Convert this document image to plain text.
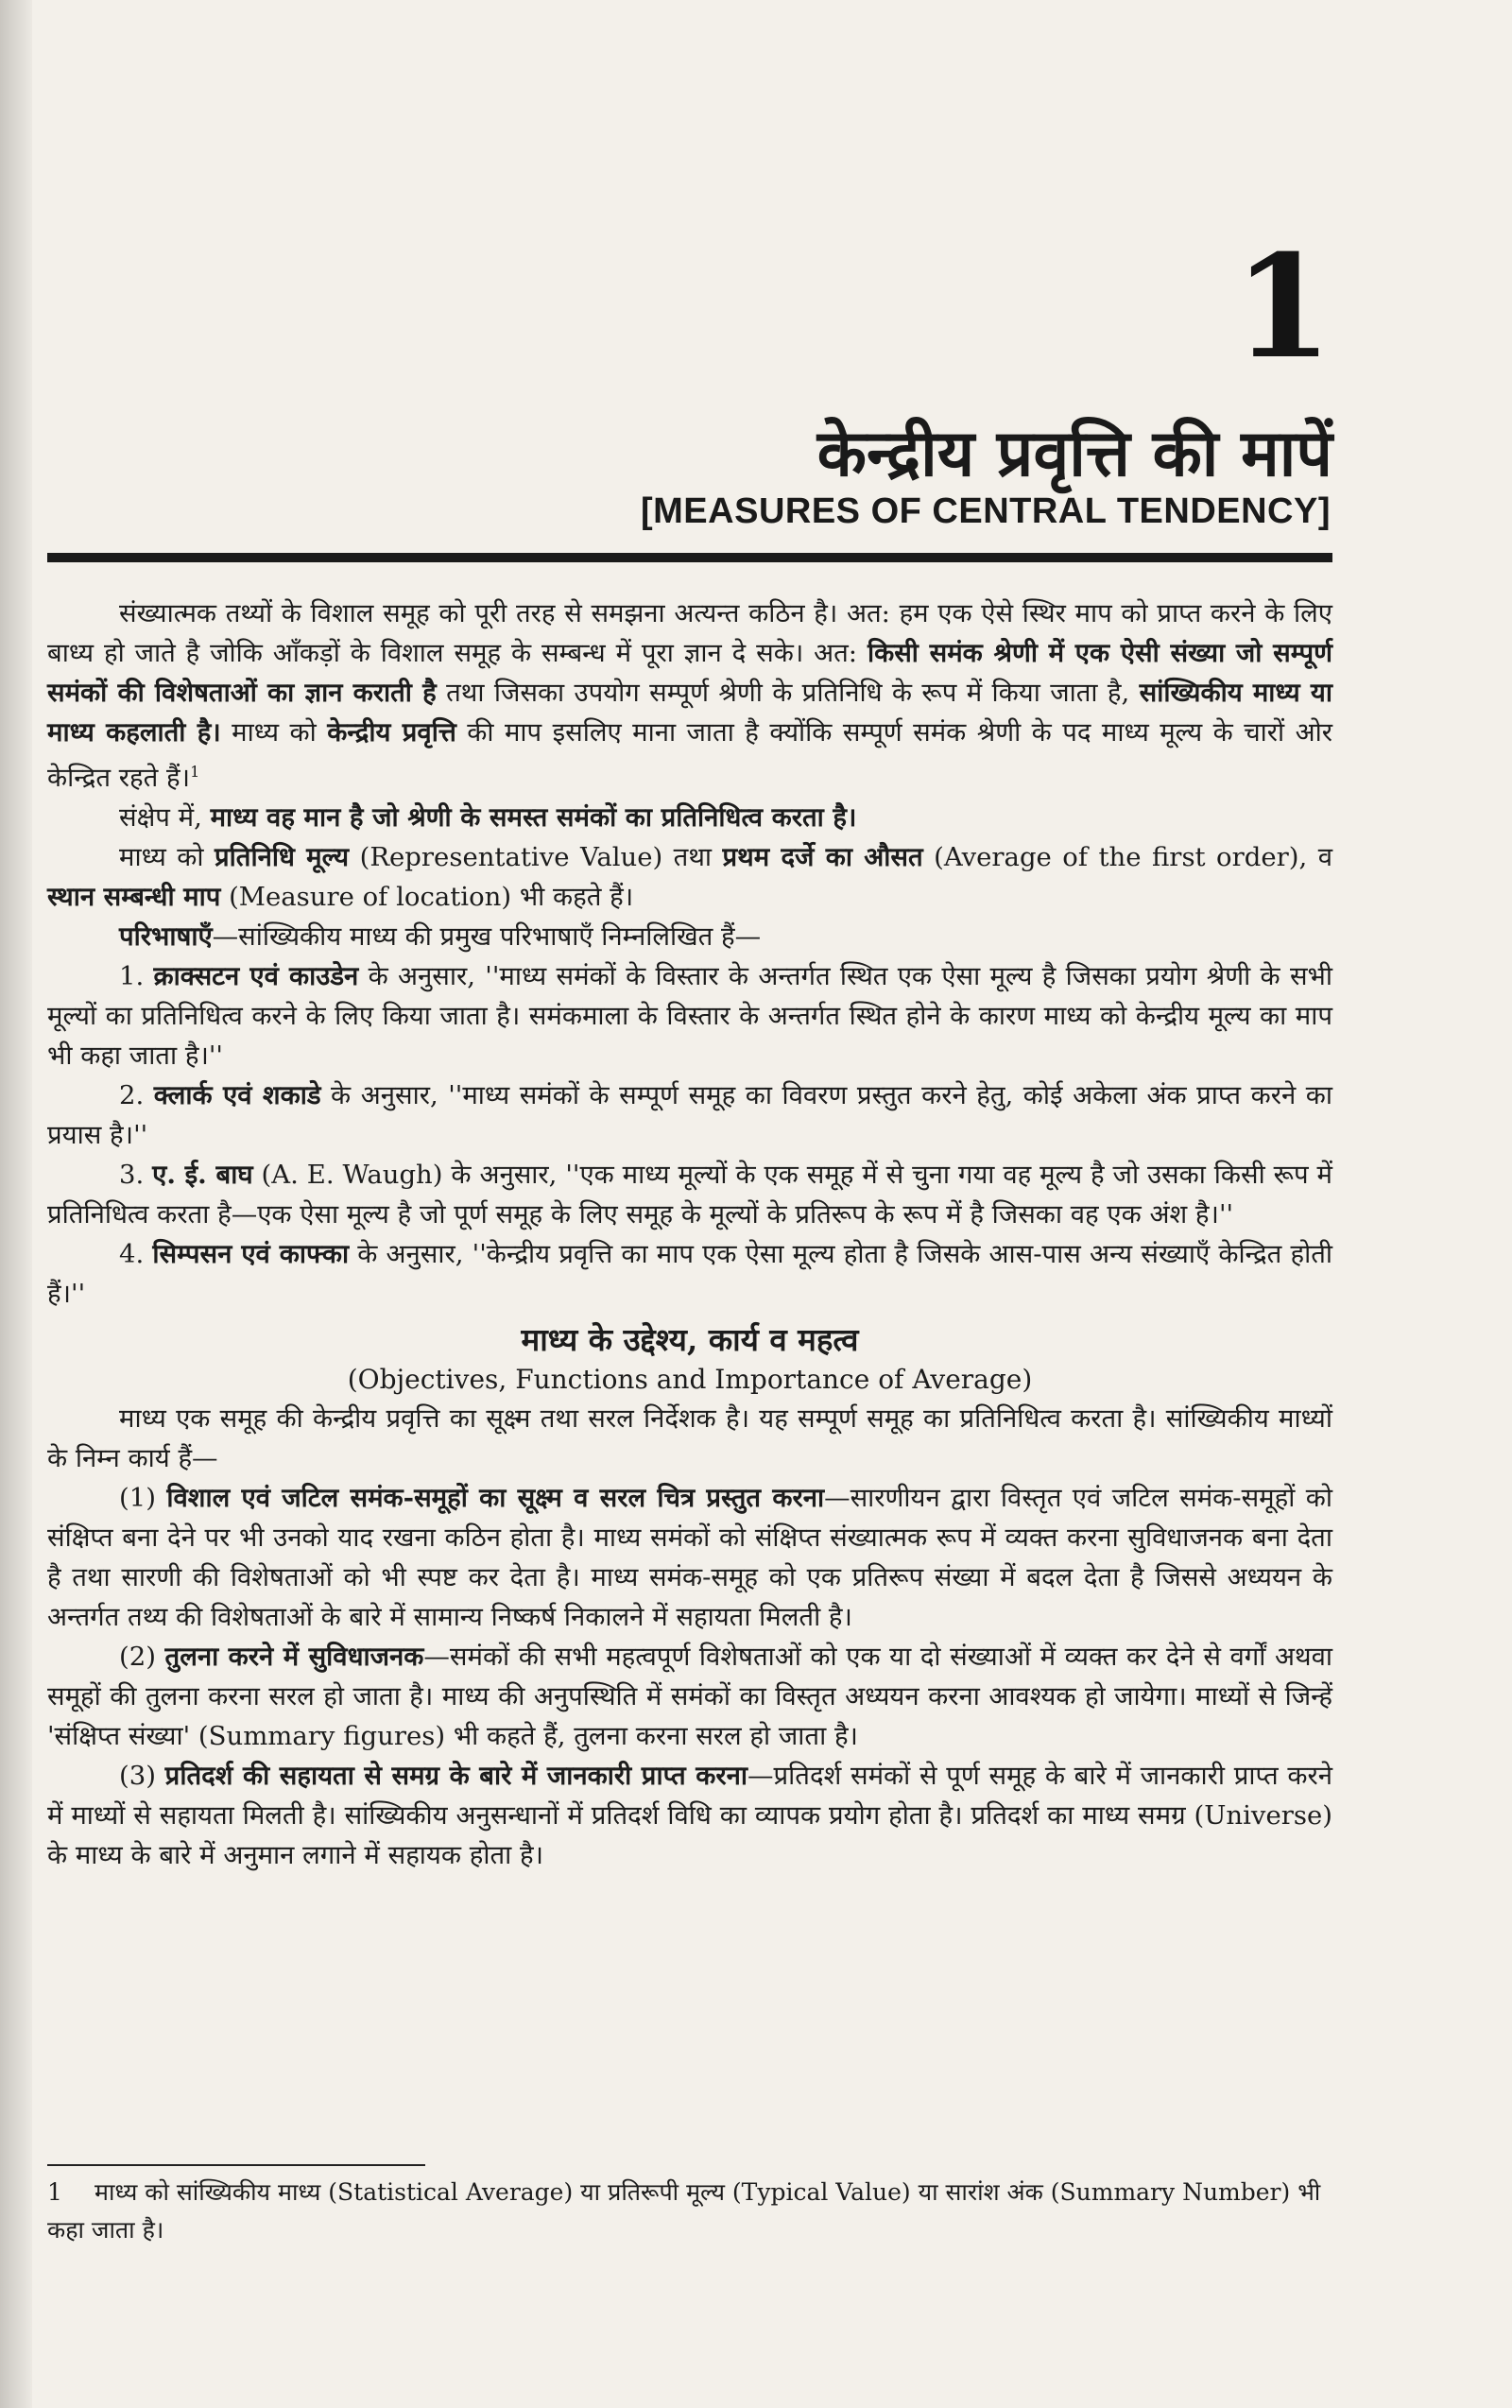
1
केन्द्रीय प्रवृत्ति की मापें
[MEASURES OF CENTRAL TENDENCY]

संख्यात्मक तथ्यों के विशाल समूह को पूरी तरह से समझना अत्यन्त कठिन है। अत: हम एक ऐसे स्थिर माप को प्राप्त करने के लिए बाध्य हो जाते है जोकि आँकड़ों के विशाल समूह के सम्बन्ध में पूरा ज्ञान दे सके। अत: किसी समंक श्रेणी में एक ऐसी संख्या जो सम्पूर्ण समंकों की विशेषताओं का ज्ञान कराती है तथा जिसका उपयोग सम्पूर्ण श्रेणी के प्रतिनिधि के रूप में किया जाता है, सांख्यिकीय माध्य या माध्य कहलाती है। माध्य को केन्द्रीय प्रवृत्ति की माप इसलिए माना जाता है क्योंकि सम्पूर्ण समंक श्रेणी के पद माध्य मूल्य के चारों ओर केन्द्रित रहते हैं।$^1$

संक्षेप में, माध्य वह मान है जो श्रेणी के समस्त समंकों का प्रतिनिधित्व करता है।

माध्य को प्रतिनिधि मूल्य (Representative Value) तथा प्रथम दर्जे का औसत (Average of the first order), व स्थान सम्बन्धी माप (Measure of location) भी कहते हैं।

परिभाषाएँ—सांख्यिकीय माध्य की प्रमुख परिभाषाएँ निम्नलिखित हैं—

1. क्राक्सटन एवं काउडेन के अनुसार, ''माध्य समंकों के विस्तार के अन्तर्गत स्थित एक ऐसा मूल्य है जिसका प्रयोग श्रेणी के सभी मूल्यों का प्रतिनिधित्व करने के लिए किया जाता है। समंकमाला के विस्तार के अन्तर्गत स्थित होने के कारण माध्य को केन्द्रीय मूल्य का माप भी कहा जाता है।''

2. क्लार्क एवं शकाडे के अनुसार, ''माध्य समंकों के सम्पूर्ण समूह का विवरण प्रस्तुत करने हेतु, कोई अकेला अंक प्राप्त करने का प्रयास है।''

3. ए. ई. बाघ (A. E. Waugh) के अनुसार, ''एक माध्य मूल्यों के एक समूह में से चुना गया वह मूल्य है जो उसका किसी रूप में प्रतिनिधित्व करता है—एक ऐसा मूल्य है जो पूर्ण समूह के लिए समूह के मूल्यों के प्रतिरूप के रूप में है जिसका वह एक अंश है।''

4. सिम्पसन एवं काफ्का के अनुसार, ''केन्द्रीय प्रवृत्ति का माप एक ऐसा मूल्य होता है जिसके आस-पास अन्य संख्याएँ केन्द्रित होती हैं।''

माध्य के उद्देश्य, कार्य व महत्व
(Objectives, Functions and Importance of Average)

माध्य एक समूह की केन्द्रीय प्रवृत्ति का सूक्ष्म तथा सरल निर्देशक है। यह सम्पूर्ण समूह का प्रतिनिधित्व करता है। सांख्यिकीय माध्यों के निम्न कार्य हैं—

(1) विशाल एवं जटिल समंक-समूहों का सूक्ष्म व सरल चित्र प्रस्तुत करना—सारणीयन द्वारा विस्तृत एवं जटिल समंक-समूहों को संक्षिप्त बना देने पर भी उनको याद रखना कठिन होता है। माध्य समंकों को संक्षिप्त संख्यात्मक रूप में व्यक्त करना सुविधाजनक बना देता है तथा सारणी की विशेषताओं को भी स्पष्ट कर देता है। माध्य समंक-समूह को एक प्रतिरूप संख्या में बदल देता है जिससे अध्ययन के अन्तर्गत तथ्य की विशेषताओं के बारे में सामान्य निष्कर्ष निकालने में सहायता मिलती है।

(2) तुलना करने में सुविधाजनक—समंकों की सभी महत्वपूर्ण विशेषताओं को एक या दो संख्याओं में व्यक्त कर देने से वर्गों अथवा समूहों की तुलना करना सरल हो जाता है। माध्य की अनुपस्थिति में समंकों का विस्तृत अध्ययन करना आवश्यक हो जायेगा। माध्यों से जिन्हें 'संक्षिप्त संख्या' (Summary figures) भी कहते हैं, तुलना करना सरल हो जाता है।

(3) प्रतिदर्श की सहायता से समग्र के बारे में जानकारी प्राप्त करना—प्रतिदर्श समंकों से पूर्ण समूह के बारे में जानकारी प्राप्त करने में माध्यों से सहायता मिलती है। सांख्यिकीय अनुसन्धानों में प्रतिदर्श विधि का व्यापक प्रयोग होता है। प्रतिदर्श का माध्य समग्र (Universe) के माध्य के बारे में अनुमान लगाने में सहायक होता है।

1 माध्य को सांख्यिकीय माध्य (Statistical Average) या प्रतिरूपी मूल्य (Typical Value) या सारांश अंक (Summary Number) भी कहा जाता है।
